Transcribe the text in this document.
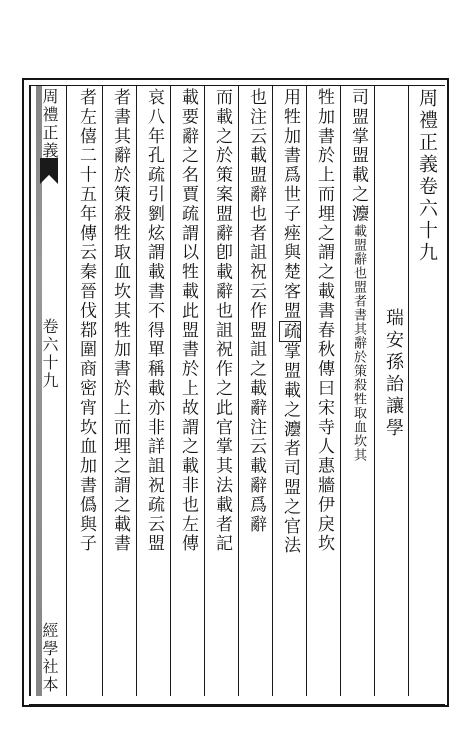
周禮正義
卷六十九
經學社本
周禮正義卷六十九
瑞安孫詒讓學
司盟掌盟載之灋載盟辭也盟者書其辭於策殺牲取血坎其
牲加書於上而埋之謂之載書春秋傳曰宋寺人惠牆伊戾坎
用牲加書爲世子痤與楚客盟疏掌盟載之灋者司盟之官法
也注云載盟辭也者詛祝云作盟詛之載辭注云載辭爲辭
而載之於策案盟辭卽載辭也詛祝作之此官掌其法載者記
載要辭之名賈疏謂以牲載此盟書於上故謂之載非也左傳
哀八年孔疏引劉炫謂載書不得單稱載亦非詳詛祝疏云盟
者書其辭於策殺牲取血坎其牲加書於上而埋之謂之載書
者左僖二十五年傳云秦晉伐鄀圍商密宵坎血加書僞與子
